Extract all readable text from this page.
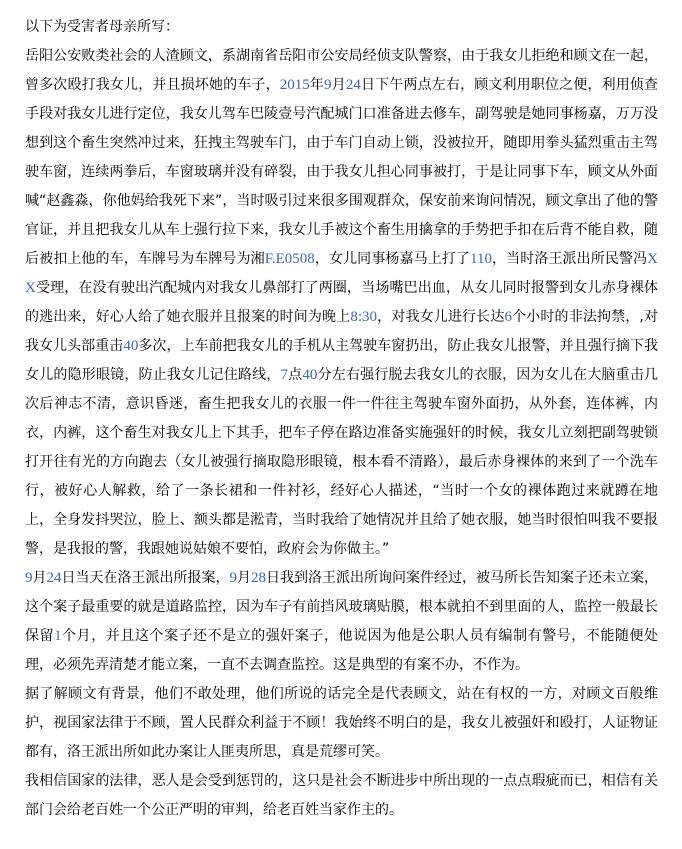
以下为受害者母亲所写：

岳阳公安败类社会的人渣顾文，系湖南省岳阳市公安局经侦支队警察，由于我女儿拒绝和顾文在一起，曾多次殴打我女儿，并且损坏她的车子，2015年9月24日下午两点左右，顾文利用职位之便，利用侦查手段对我女儿进行定位，我女儿驾车巴陵壹号汽配城门口准备进去修车，副驾驶是她同事杨嘉，万万没想到这个畜生突然冲过来，狂拽主驾驶车门，由于车门自动上锁，没被拉开，随即用拳头猛烈重击主驾驶车窗，连续两拳后，车窗玻璃并没有碎裂，由于我女儿担心同事被打，于是让同事下车，顾文从外面喊“赵鑫淼，你他妈给我死下来”，当时吸引过来很多围观群众，保安前来询问情况，顾文拿出了他的警官证，并且把我女儿从车上强行拉下来，我女儿手被这个畜生用擒拿的手势把手扣在后背不能自救，随后被扣上他的车，车牌号为车牌号为湘F.E0508，女儿同事杨嘉马上打了110，当时洛王派出所民警冯XX受理，在没有驶出汽配城内对我女儿鼻部打了两圈，当场嘴巴出血，从女儿同时报警到女儿赤身裸体的逃出来，好心人给了她衣服并且报案的时间为晚上8:30，对我女儿进行长达6个小时的非法拘禁，,对我女儿头部重击40多次，上车前把我女儿的手机从主驾驶车窗扔出，防止我女儿报警，并且强行摘下我女儿的隐形眼镜，防止我女儿记住路线，7点40分左右强行脱去我女儿的衣服，因为女儿在大脑重击几次后神志不清，意识昏迷，畜生把我女儿的衣服一件一件往主驾驶车窗外面扔，从外套，连体裤，内衣，内裤，这个畜生对我女儿上下其手，把车子停在路边准备实施强奸的时候，我女儿立刻把副驾驶锁打开往有光的方向跑去（女儿被强行摘取隐形眼镜，根本看不清路），最后赤身裸体的来到了一个洗车行，被好心人解救，给了一条长裙和一件衬衫，经好心人描述，“当时一个女的裸体跑过来就蹲在地上，全身发抖哭泣，脸上、额头都是淞青，当时我给了她情况并且给了她衣服，她当时很怕叫我不要报警，是我报的警，我跟她说姑娘不要怕，政府会为你做主。”

9月24日当天在洛王派出所报案，9月28日我到洛王派出所询问案件经过，被马所长告知案子还未立案，这个案子最重要的就是道路监控，因为车子有前挡风玻璃贴膜，根本就拍不到里面的人，监控一般最长保留1个月，并且这个案子还不是立的强奸案子，他说因为他是公职人员有编制有警号，不能随便处理，必须先弄清楚才能立案，一直不去调查监控。这是典型的有案不办，不作为。

据了解顾文有背景，他们不敢处理，他们所说的话完全是代表顾文，站在有权的一方，对顾文百般维护，视国家法律于不顾，置人民群众利益于不顾！我始终不明白的是，我女儿被强奸和殴打，人证物证都有，洛王派出所如此办案让人匪夷所思，真是荒缪可笑。

我相信国家的法律，恶人是会受到惩罚的，这只是社会不断进步中所出现的一点点瑕疵而已，相信有关部门会给老百姓一个公正严明的审判，给老百姓当家作主的。
